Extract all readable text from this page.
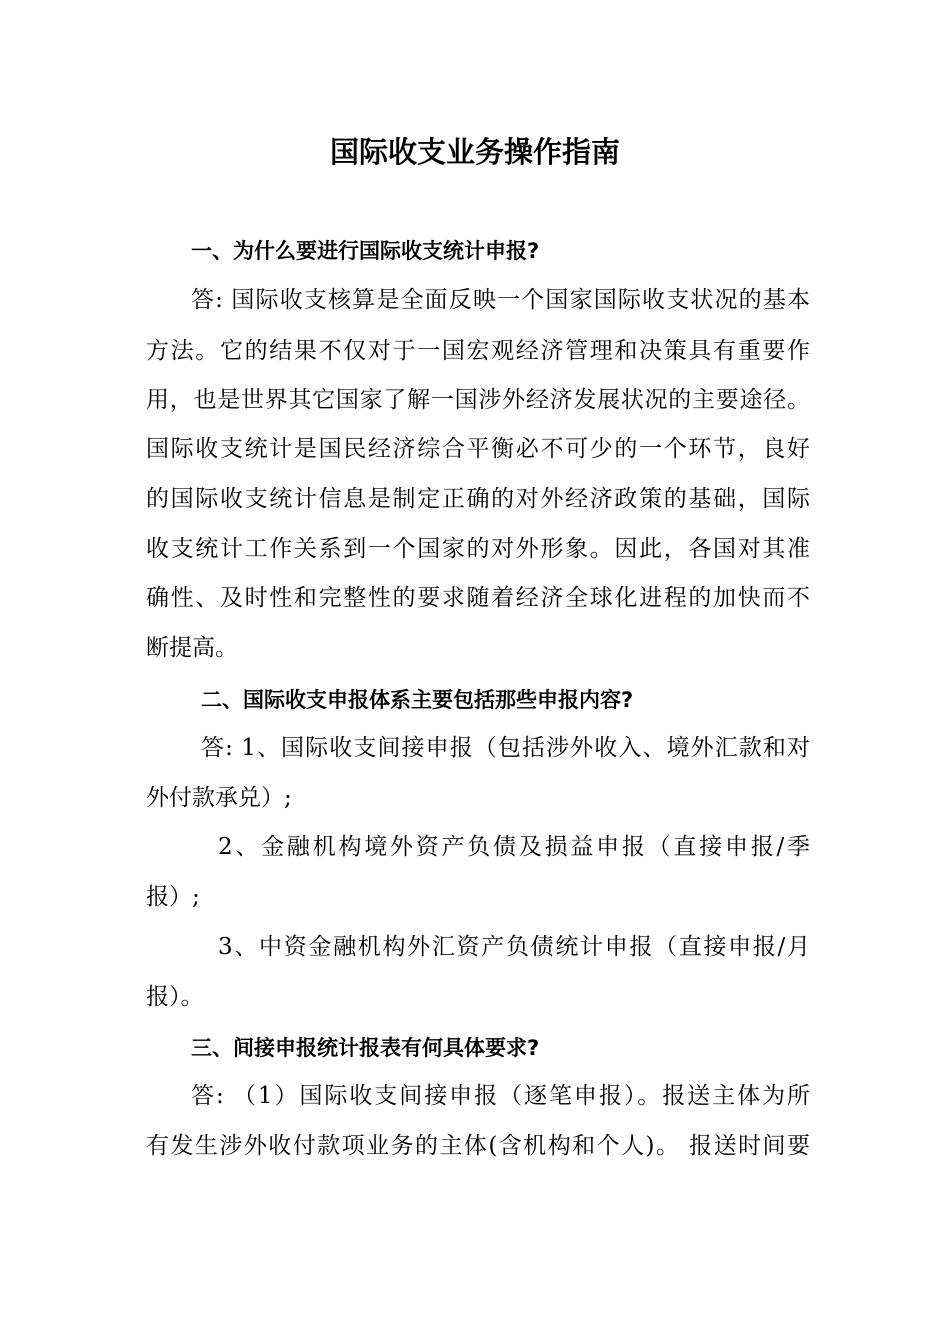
国际收支业务操作指南
一、为什么要进行国际收支统计申报?
答: 国际收支核算是全面反映一个国家国际收支状况的基本
方法。它的结果不仅对于一国宏观经济管理和决策具有重要作
用，也是世界其它国家了解一国涉外经济发展状况的主要途径。
国际收支统计是国民经济综合平衡必不可少的一个环节，良好
的国际收支统计信息是制定正确的对外经济政策的基础，国际
收支统计工作关系到一个国家的对外形象。因此，各国对其准
确性、及时性和完整性的要求随着经济全球化进程的加快而不
断提高。
二、国际收支申报体系主要包括那些申报内容?
答: 1、国际收支间接申报（包括涉外收入、境外汇款和对
外付款承兑）;
2、金融机构境外资产负债及损益申报（直接申报/季
报）;
3、中资金融机构外汇资产负债统计申报（直接申报/月
报）。
三、间接申报统计报表有何具体要求?
答: （1）国际收支间接申报（逐笔申报）。报送主体为所
有发生涉外收付款项业务的主体(含机构和个人)。 报送时间要
